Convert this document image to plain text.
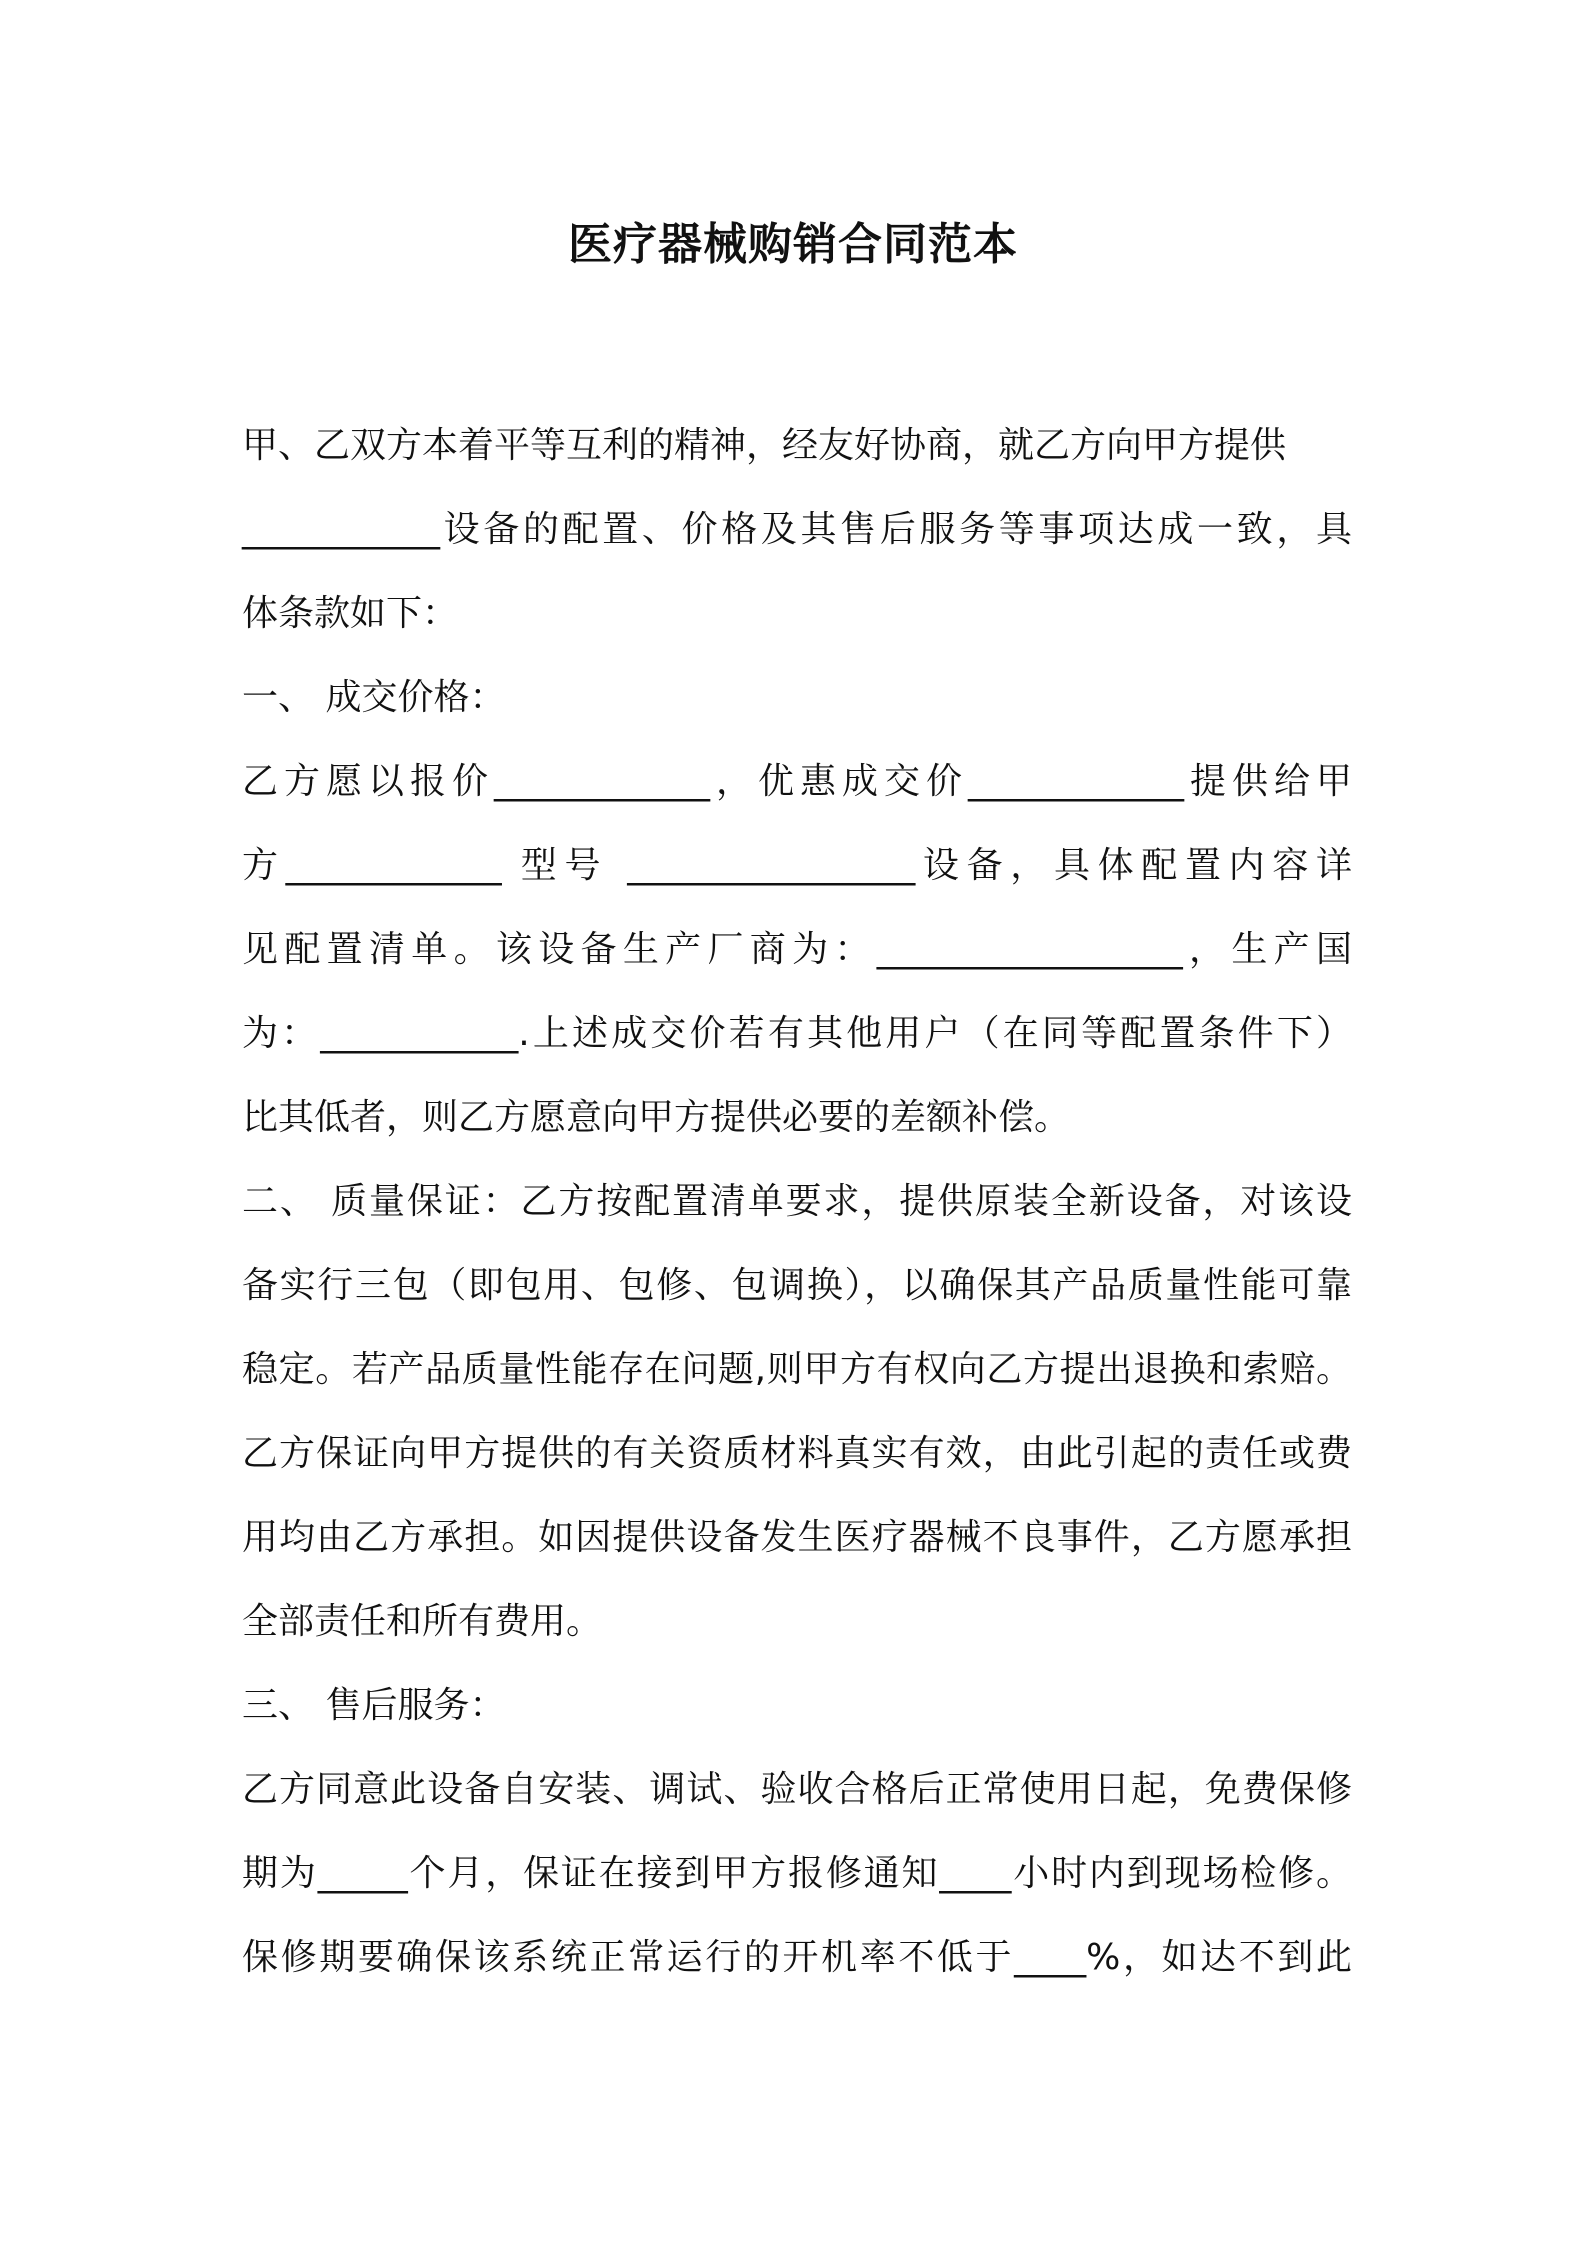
医疗器械购销合同范本
甲、乙双方本着平等互利的精神，经友好协商，就乙方向甲方提供
___________设备的配置、价格及其售后服务等事项达成一致，具
体条款如下：
一、 成交价格：
乙方愿以报价____________，优惠成交价____________提供给甲
方____________ 型号 ________________设备，具体配置内容详
见配置清单。该设备生产厂商为：_________________，生产国
为：___________.上述成交价若有其他用户（在同等配置条件下）
比其低者，则乙方愿意向甲方提供必要的差额补偿。
二、 质量保证：乙方按配置清单要求，提供原装全新设备，对该设
备实行三包（即包用、包修、包调换），以确保其产品质量性能可靠
稳定。若产品质量性能存在问题,则甲方有权向乙方提出退换和索赔。
乙方保证向甲方提供的有关资质材料真实有效，由此引起的责任或费
用均由乙方承担。如因提供设备发生医疗器械不良事件，乙方愿承担
全部责任和所有费用。
三、 售后服务：
乙方同意此设备自安装、调试、验收合格后正常使用日起，免费保修
期为_____个月，保证在接到甲方报修通知____小时内到现场检修。
保修期要确保该系统正常运行的开机率不低于____%，如达不到此
